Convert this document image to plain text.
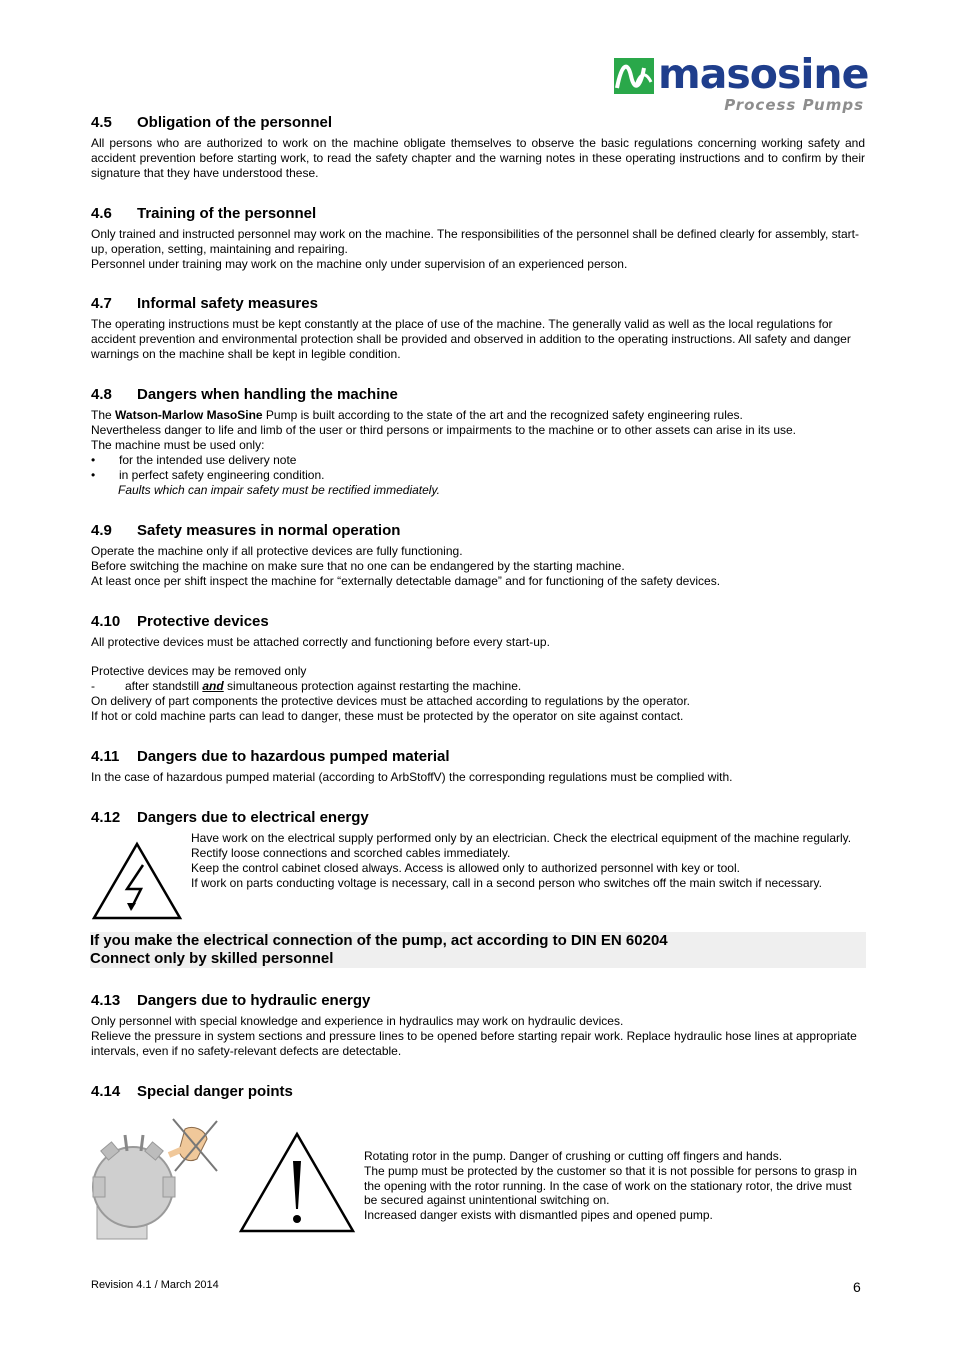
masosine
Process Pumps
4.5 Obligation of the personnel

All persons who are authorized to work on the machine obligate themselves to observe the basic regulations concerning working safety and accident prevention before starting work, to read the safety chapter and the warning notes in these operating instructions and to confirm by their signature that they have understood these.

4.6 Training of the personnel

Only trained and instructed personnel may work on the machine. The responsibilities of the personnel shall be defined clearly for assembly, start-up, operation, setting, maintaining and repairing.

Personnel under training may work on the machine only under supervision of an experienced person.

4.7 Informal safety measures

The operating instructions must be kept constantly at the place of use of the machine. The generally valid as well as the local regulations for accident prevention and environmental protection shall be provided and observed in addition to the operating instructions. All safety and danger warnings on the machine shall be kept in legible condition.

4.8 Dangers when handling the machine

The Watson-Marlow MasoSine Pump is built according to the state of the art and the recognized safety engineering rules.

Nevertheless danger to life and limb of the user or third persons or impairments to the machine or to other assets can arise in its use.

The machine must be used only:

•	for the intended use delivery note
•	in perfect safety engineering condition.

Faults which can impair safety must be rectified immediately.

4.9 Safety measures in normal operation

Operate the machine only if all protective devices are fully functioning.

Before switching the machine on make sure that no one can be endangered by the starting machine.

At least once per shift inspect the machine for “externally detectable damage” and for functioning of the safety devices.

4.10 Protective devices

All protective devices must be attached correctly and functioning before every start-up.

Protective devices may be removed only

-	after standstill and simultaneous protection against restarting the machine.

On delivery of part components the protective devices must be attached according to regulations by the operator.

If hot or cold machine parts can lead to danger, these must be protected by the operator on site against contact.

4.11 Dangers due to hazardous pumped material

In the case of hazardous pumped material (according to ArbStoffV) the corresponding regulations must be complied with.

4.12 Dangers due to electrical energy

Have work on the electrical supply performed only by an electrician. Check the electrical equipment of the machine regularly. Rectify loose connections and scorched cables immediately.

Keep the control cabinet closed always. Access is allowed only to authorized personnel with key or tool.

If work on parts conducting voltage is necessary, call in a second person who switches off the main switch if necessary.

If you make the electrical connection of the pump, act according to DIN EN 60204

Connect only by skilled personnel

4.13 Dangers due to hydraulic energy

Only personnel with special knowledge and experience in hydraulics may work on hydraulic devices.

Relieve the pressure in system sections and pressure lines to be opened before starting repair work. Replace hydraulic hose lines at appropriate intervals, even if no safety-relevant defects are detectable.

4.14 Special danger points

Rotating rotor in the pump. Danger of crushing or cutting off fingers and hands.

The pump must be protected by the customer so that it is not possible for persons to grasp in the opening with the rotor running. In the case of work on the stationary rotor, the drive must be secured against unintentional switching on.

Increased danger exists with dismantled pipes and opened pump.

Revision 4.1 / March 2014	6
